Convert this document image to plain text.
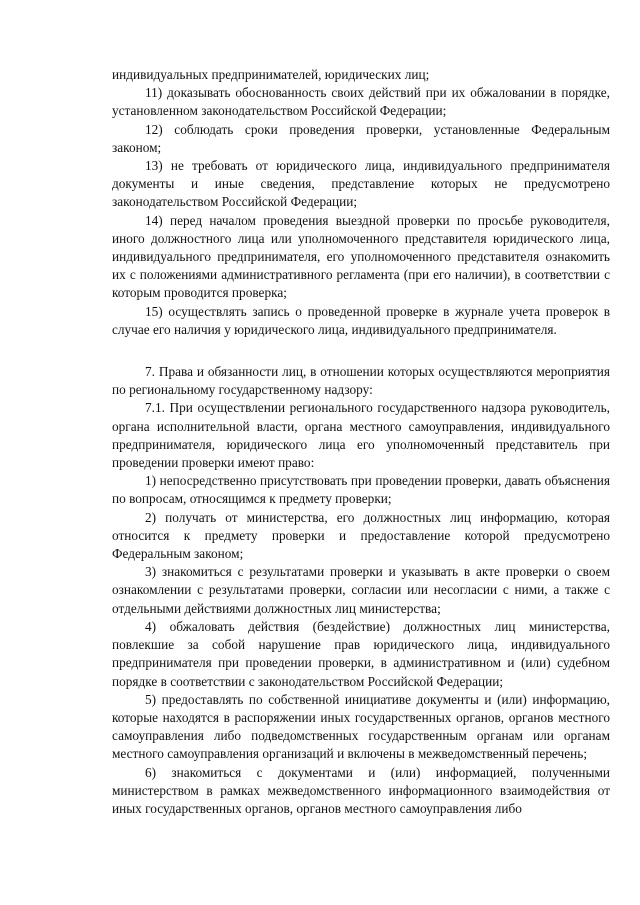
индивидуальных предпринимателей, юридических лиц;

11) доказывать обоснованность своих действий при их обжаловании в порядке, установленном законодательством Российской Федерации;

12) соблюдать сроки проведения проверки, установленные Федеральным законом;

13) не требовать от юридического лица, индивидуального предпринимателя документы и иные сведения, представление которых не предусмотрено законодательством Российской Федерации;

14) перед началом проведения выездной проверки по просьбе руководителя, иного должностного лица или уполномоченного представителя юридического лица, индивидуального предпринимателя, его уполномоченного представителя ознакомить их с положениями административного регламента (при его наличии), в соответствии с которым проводится проверка;

15) осуществлять запись о проведенной проверке в журнале учета проверок в случае его наличия у юридического лица, индивидуального предпринимателя.

7. Права и обязанности лиц, в отношении которых осуществляются мероприятия по региональному государственному надзору:

7.1. При осуществлении регионального государственного надзора руководитель, органа исполнительной власти, органа местного самоуправления, индивидуального предпринимателя, юридического лица его уполномоченный представитель при проведении проверки имеют право:

1) непосредственно присутствовать при проведении проверки, давать объяснения по вопросам, относящимся к предмету проверки;

2) получать от министерства, его должностных лиц информацию, которая относится к предмету проверки и предоставление которой предусмотрено Федеральным законом;

3) знакомиться с результатами проверки и указывать в акте проверки о своем ознакомлении с результатами проверки, согласии или несогласии с ними, а также с отдельными действиями должностных лиц министерства;

4) обжаловать действия (бездействие) должностных лиц министерства, повлекшие за собой нарушение прав юридического лица, индивидуального предпринимателя при проведении проверки, в административном и (или) судебном порядке в соответствии с законодательством Российской Федерации;

5) предоставлять по собственной инициативе документы и (или) информацию, которые находятся в распоряжении иных государственных органов, органов местного самоуправления либо подведомственных государственным органам или органам местного самоуправления организаций и включены в межведомственный перечень;

6) знакомиться с документами и (или) информацией, полученными министерством в рамках межведомственного информационного взаимодействия от иных государственных органов, органов местного самоуправления либо
